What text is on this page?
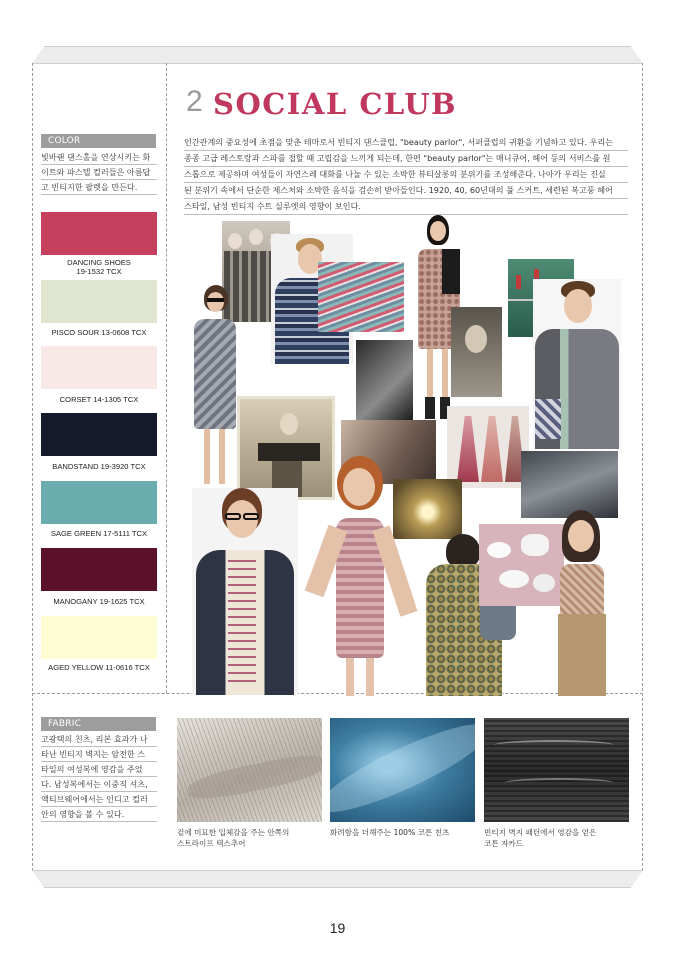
COLOR
빛바랜 댄스홀을 연상시키는 화
이트와 파스텔 컬러들은 아름답
고 빈티지한 팔렛을 만든다.
DANCING SHOES
19-1532 TCX
PISCO SOUR 13-0608 TCX
CORSET 14-1305 TCX
BANDSTAND 19-3920 TCX
SAGE GREEN 17-5111 TCX
MANOGANY 19-1625 TCX
AGED YELLOW 11-0616 TCX
2 SOCIAL CLUB
인간관계의 중요성에 초점을 맞춘 테마로서 빈티지 댄스클럽, "beauty parlor", 서퍼클럽의 귀환을 기념하고 있다. 우리는
종종 고급 레스토랑과 스파를 접할 때 고립감을 느끼게 되는데, 한편 "beauty parlor"는 매니큐어, 헤어 등의 서비스를 원
스톱으로 제공하며 여성들이 자연스레 대화를 나눌 수 있는 소박한 뷰티살롱의 분위기를 조성해준다. 나아가 우리는 진실
된 분위기 속에서 단순한 제스처와 소박한 음식을 검손히 받아들인다. 1920, 40, 60년대의 풀 스커트, 세련된 복고풍 헤어
스타일, 남성 빈티지 수트 실루엣의 영향이 보인다.
FABRIC
고광택의 친츠, 리본 효과가 나
타난 빈티지 벽지는 암전한 스
타일의 여성복에 영감을 주었
다. 남성복에서는 이중직 셔츠,
액티브웨어에서는 인디고 컬러
안의 영향을 볼 수 있다.
겉에 미묘한 입체감을 주는 안쪽의
스트라이프 텍스추어
화려함을 더해주는 100% 코튼 친츠	빈티지 벽지 패턴에서 영감을 얻은
코튼 자카드
19
